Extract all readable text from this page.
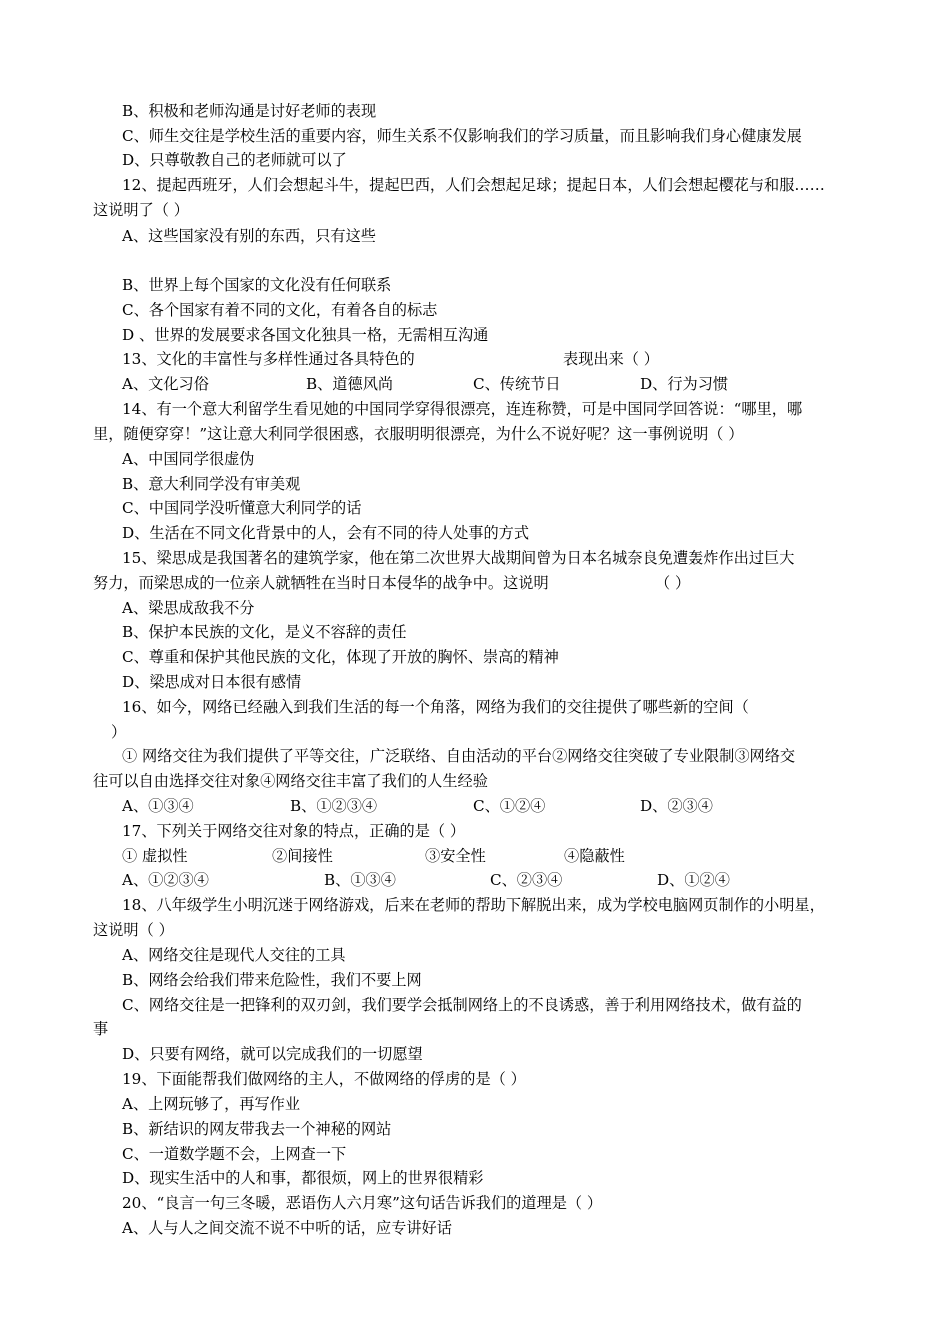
B、积极和老师沟通是讨好老师的表现
C、师生交往是学校生活的重要内容，师生关系不仅影响我们的学习质量，而且影响我们身心健康发展
D、只尊敬教自己的老师就可以了
12、提起西班牙，人们会想起斗牛，提起巴西，人们会想起足球；提起日本，人们会想起樱花与和服……
这说明了（ ）
A、这些国家没有别的东西，只有这些
B、世界上每个国家的文化没有任何联系
C、各个国家有着不同的文化，有着各自的标志
D 、世界的发展要求各国文化独具一格，无需相互沟通
13、文化的丰富性与多样性通过各具特色的	表现出来（ ）
A、文化习俗	B、道德风尚	C、传统节日	D、行为习惯
14、有一个意大利留学生看见她的中国同学穿得很漂亮，连连称赞，可是中国同学回答说：“哪里，哪
里，随便穿穿！”这让意大利同学很困惑，衣服明明很漂亮，为什么不说好呢？这一事例说明（ ）
A、中国同学很虚伪
B、意大利同学没有审美观
C、中国同学没听懂意大利同学的话
D、生活在不同文化背景中的人，会有不同的待人处事的方式
15、梁思成是我国著名的建筑学家，他在第二次世界大战期间曾为日本名城奈良免遭轰炸作出过巨大
努力，而梁思成的一位亲人就牺牲在当时日本侵华的战争中。这说明	（ ）
A、梁思成敌我不分
B、保护本民族的文化，是义不容辞的责任
C、尊重和保护其他民族的文化，体现了开放的胸怀、崇高的精神
D、梁思成对日本很有感情
16、如今，网络已经融入到我们生活的每一个角落，网络为我们的交往提供了哪些新的空间（
）
① 网络交往为我们提供了平等交往，广泛联络、自由活动的平台②网络交往突破了专业限制③网络交
往可以自由选择交往对象④网络交往丰富了我们的人生经验
A、①③④	B、①②③④	C、①②④	D、②③④
17、下列关于网络交往对象的特点，正确的是（ ）
① 虚拟性	②间接性	③安全性	④隐蔽性
A、①②③④	B、①③④	C、②③④	D、①②④
18、八年级学生小明沉迷于网络游戏，后来在老师的帮助下解脱出来，成为学校电脑网页制作的小明星，
这说明（ ）
A、网络交往是现代人交往的工具
B、网络会给我们带来危险性，我们不要上网
C、网络交往是一把锋利的双刃剑，我们要学会抵制网络上的不良诱惑，善于利用网络技术，做有益的
事
D、只要有网络，就可以完成我们的一切愿望
19、下面能帮我们做网络的主人，不做网络的俘虏的是（ ）
A、上网玩够了，再写作业
B、新结识的网友带我去一个神秘的网站
C、一道数学题不会，上网查一下
D、现实生活中的人和事，都很烦，网上的世界很精彩
20、“良言一句三冬暖，恶语伤人六月寒”这句话告诉我们的道理是（ ）
A、人与人之间交流不说不中听的话，应专讲好话
